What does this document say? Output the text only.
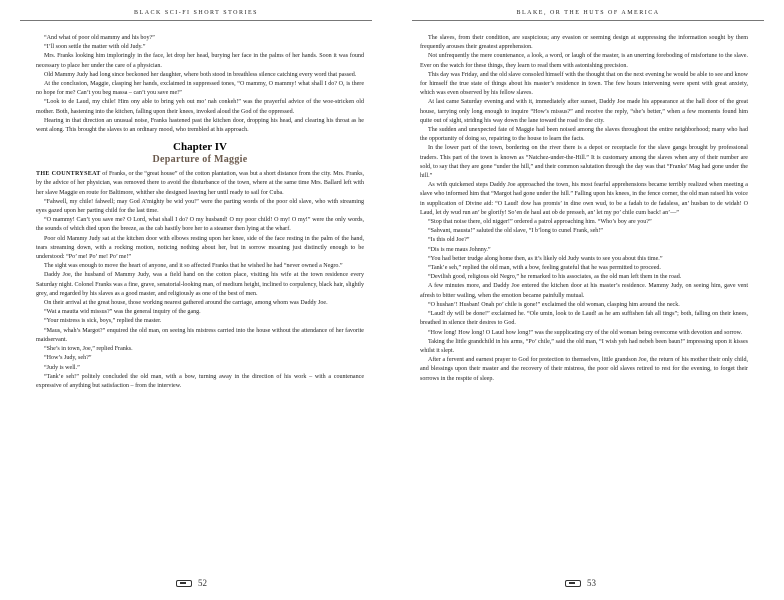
BLACK SCI-FI SHORT STORIES

“And what of poor old mammy and his boy?”

“I’ll soon settle the matter with old Judy.”

Mrs. Franks looking him imploringly in the face, let drop her head, burying her face in the palms of her hands. Soon it was found necessary to place her under the care of a physician.

Old Mammy Judy had long since beckoned her daughter, where both stood in breathless silence catching every word that passed.

At the conclusion, Maggie, clasping her hands, exclaimed in suppressed tones, “O mammy, O mammy! what shall I do? O, is there no hope for me? Can’t you beg massa – can’t you save me!”

“Look to de Laud, my chile! Him ony able to bring yeh out mo’ nah conkeh!” was the prayerful advice of the woe-stricken old mother. Both, hastening into the kitchen, falling upon their knees, invoked aloud the God of the oppressed.

Hearing in that direction an unusual noise, Franks hastened past the kitchen door, dropping his head, and clearing his throat as he went along. This brought the slaves to an ordinary mood, who trembled at his approach.

Chapter IV
Departure of Maggie

THE COUNTRYSEAT of Franks, or the “great house” of the cotton plantation, was but a short distance from the city. Mrs. Franks, by the advice of her physician, was removed there to avoid the disturbance of the town, where at the same time Mrs. Ballard left with her slave Maggie en route for Baltimore, whither she designed leaving her until ready to sail for Cuba.

“Fahwell, my chile! fahwell; may God A’mighty be wid you!” were the parting words of the poor old slave, who with streaming eyes gazed upon her parting child for the last time.

“O mammy! Can’t you save me? O Lord, what shall I do? O my husband! O my poor child! O my! O my!” were the only words, the sounds of which died upon the breeze, as the cab hastily bore her to a steamer then lying at the wharf.

Poor old Mammy Judy sat at the kitchen door with elbows resting upon her knee, side of the face resting in the palm of the hand, tears streaming down, with a rocking motion, noticing nothing about her, but in sorrow moaning just distinctly enough to be understood: “Po’ me! Po’ me! Po’ me!”

The sight was enough to move the heart of anyone, and it so affected Franks that he wished he had “never owned a Negro.”

Daddy Joe, the husband of Mammy Judy, was a field hand on the cotton place, visiting his wife at the town residence every Saturday night. Colonel Franks was a fine, grave, senatorial-looking man, of medium height, inclined to corpulency, black hair, slightly grey, and regarded by his slaves as a good master, and religiously as one of the best of men.

On their arrival at the great house, those working nearest gathered around the carriage, among whom was Daddy Joe.

“Wat a mautta wid missus?” was the general inquiry of the gang.

“Your mistress is sick, boys,” replied the master.

“Maus, whah’s Margot?” enquired the old man, on seeing his mistress carried into the house without the attendance of her favorite maidservant.

“She’s in town, Joe,” replied Franks.

“How’s Judy, seh?”

“Judy is well.”

“Tank’e seh!” politely concluded the old man, with a bow, turning away in the direction of his work – with a countenance expressive of anything but satisfaction – from the interview.

52
BLAKE, OR THE HUTS OF AMERICA

The slaves, from their condition, are suspicious; any evasion or seeming design at suppressing the information sought by them frequently arouses their greatest apprehension.

Not unfrequently the mere countenance, a look, a word, or laugh of the master, is an unerring foreboding of misfortune to the slave. Ever on the watch for these things, they learn to read them with astonishing precision.

This day was Friday, and the old slave consoled himself with the thought that on the next evening he would be able to see and know for himself the true state of things about his master’s residence in town. The few hours intervening were spent with great anxiety, which was even observed by his fellow slaves.

At last came Saturday evening and with it, immediately after sunset, Daddy Joe made his appearance at the hall door of the great house, tarrying only long enough to inquire “How’s missus?” and receive the reply, “she’s better,” when a few moments found him quite out of sight, striding his way down the lane toward the road to the city.

The sudden and unexpected fate of Maggie had been noised among the slaves throughout the entire neighborhood; many who had the opportunity of doing so, repairing to the house to learn the facts.

In the lower part of the town, bordering on the river there is a depot or receptacle for the slave gangs brought by professional traders. This part of the town is known as “Natchez-under-the-Hill.” It is customary among the slaves when any of their number are sold, to say that they are gone “under the hill,” and their common salutation through the day was that “Franks’ Mag had gone under the hill.”

As with quickened steps Daddy Joe approached the town, his most fearful apprehensions became terribly realized when meeting a slave who informed him that “Margot had gone under the hill.” Falling upon his knees, in the fence corner, the old man raised his voice in supplication of Divine aid: “O Laud! dow has promis’ in dine own wud, to be a fadah to de fadaless, an’ husban to de widah! O Laud, let dy wud run an’ be glorify! So’en de haul aut ob de presseh, an’ let my po’ chile cum back! an’—”

“Stop that noise there, old nigger!” ordered a patrol approaching him. “Who’s boy are you?”

“Sahvant, mausta!” saluted the old slave, “I b’long to cunel Frank, seh!”

“Is this old Joe?”

“Dis is me maus Johnny.”

“You had better trudge along home then, as it’s likely old Judy wants to see you about this time.”

“Tank’e seh,” replied the old man, with a bow, feeling grateful that he was permitted to proceed.

“Devilish good, religious old Negro,” he remarked to his associates, as the old man left them in the road.

A few minutes more, and Daddy Joe entered the kitchen door at his master’s residence. Mammy Judy, on seeing him, gave vent afresh to bitter wailing, when the emotion became painfully mutual.

“O hushan’! Husban! Onah po’ chile is gone!” exclaimed the old woman, clasping him around the neck.

“Laud! dy will be done!” exclaimed he. “Ole umin, look to de Laud! as he am suffishen fah all tings”; both, falling on their knees, breathed in silence their desires to God.

“How long! How long! O Laud how long!” was the supplicating cry of the old woman being overcome with devotion and sorrow.

Taking the little grandchild in his arms, “Po’ chile,” said the old man, “I wish yeh had nebeh been baun!” impressing upon it kisses whilst it slept.

After a fervent and earnest prayer to God for protection to themselves, little grandson Joe, the return of his mother their only child, and blessings upon their master and the recovery of their mistress, the poor old slaves retired to rest for the evening, to forget their sorrows in the respite of sleep.

53
